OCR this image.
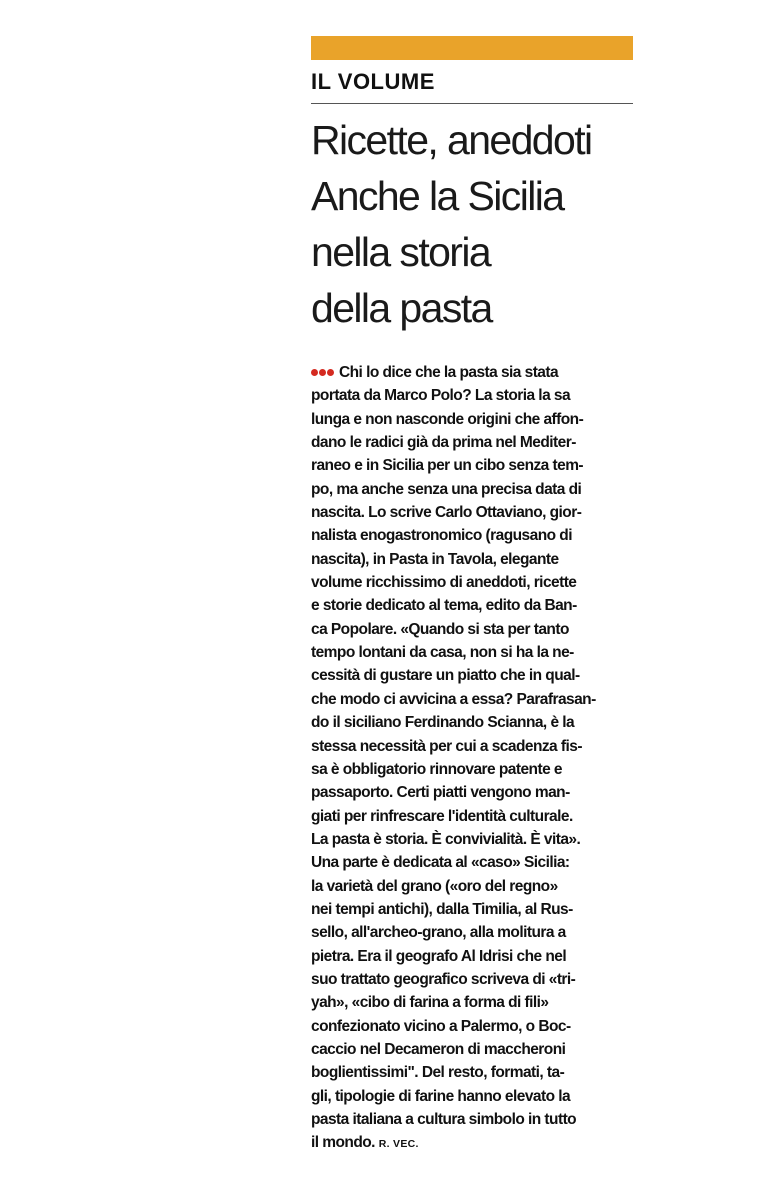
IL VOLUME
Ricette, aneddoti
Anche la Sicilia
nella storia
della pasta
Chi lo dice che la pasta sia stata
portata da Marco Polo? La storia la sa
lunga e non nasconde origini che affon-
dano le radici già da prima nel Mediter-
raneo e in Sicilia per un cibo senza tem-
po, ma anche senza una precisa data di
nascita. Lo scrive Carlo Ottaviano, gior-
nalista enogastronomico (ragusano di
nascita), in Pasta in Tavola, elegante
volume ricchissimo di aneddoti, ricette
e storie dedicato al tema, edito da Ban-
ca Popolare. «Quando si sta per tanto
tempo lontani da casa, non si ha la ne-
cessità di gustare un piatto che in qual-
che modo ci avvicina a essa? Parafrasan-
do il siciliano Ferdinando Scianna, è la
stessa necessità per cui a scadenza fis-
sa è obbligatorio rinnovare patente e
passaporto. Certi piatti vengono man-
giati per rinfrescare l'identità culturale.
La pasta è storia. È convivialità. È vita».
Una parte è dedicata al «caso» Sicilia:
la varietà del grano («oro del regno»
nei tempi antichi), dalla Timilia, al Rus-
sello, all'archeo-grano, alla molitura a
pietra. Era il geografo Al Idrisi che nel
suo trattato geografico scriveva di «tri-
yah», «cibo di farina a forma di fili»
confezionato vicino a Palermo, o Boc-
caccio nel Decameron di maccheroni
boglientissimi". Del resto, formati, ta-
gli, tipologie di farine hanno elevato la
pasta italiana a cultura simbolo in tutto
il mondo. R. VEC.
